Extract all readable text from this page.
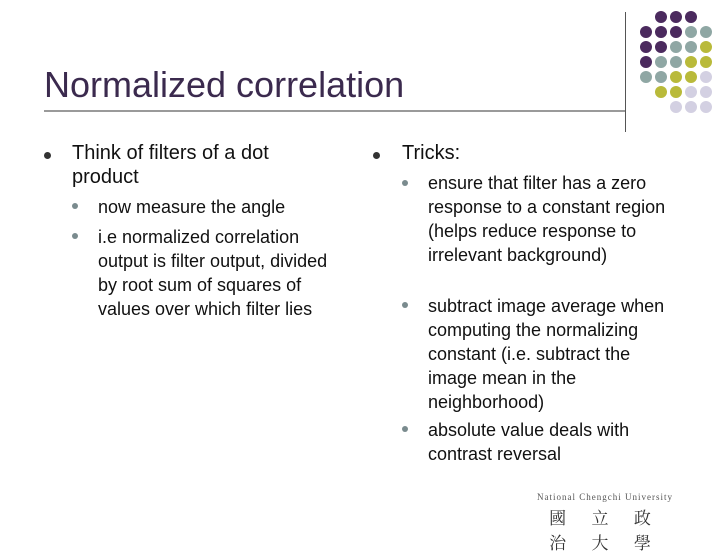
Normalized correlation
Think of filters of a dot product
now measure the angle
i.e normalized correlation output is filter output, divided by root sum of squares of values over which filter lies
Tricks:
ensure that filter has a zero response to a constant region (helps reduce response to irrelevant background)
subtract image average when computing the normalizing constant (i.e. subtract the image mean in the neighborhood)
absolute value deals with contrast reversal
National Chengchi University
國 立 政 治 大 學
